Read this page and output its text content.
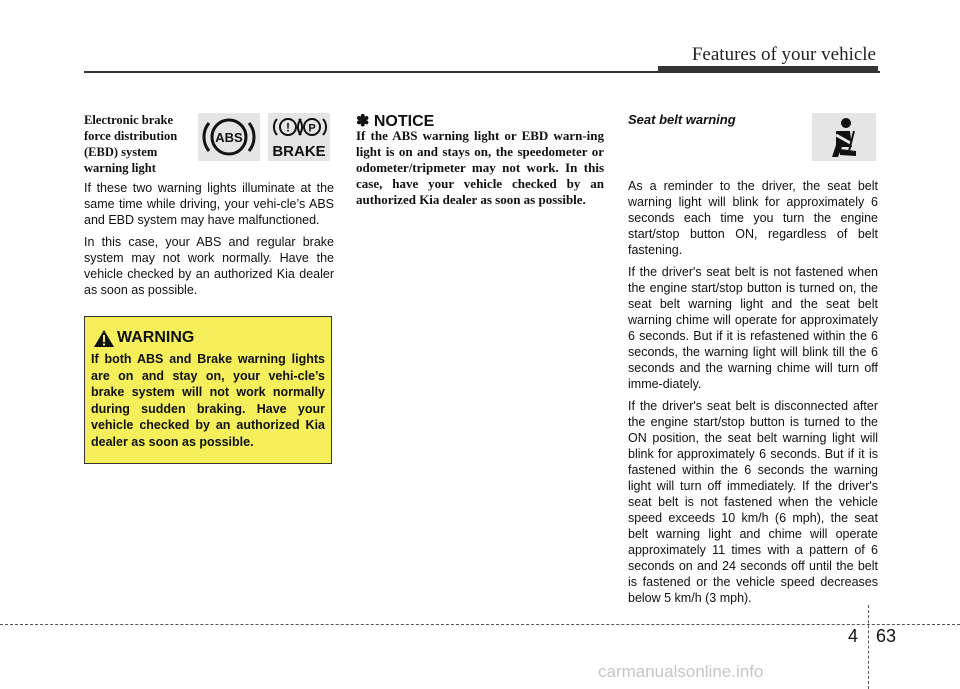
Features of your vehicle
Electronic brake
force distribution
(EBD) system
warning light
ABS
! P
BRAKE

If these two warning lights illuminate at the same time while driving, your vehi-cle’s ABS and EBD system may have malfunctioned.

In this case, your ABS and regular brake system may not work normally. Have the vehicle checked by an authorized Kia dealer as soon as possible.

WARNING
If both ABS and Brake warning lights are on and stay on, your vehi-cle’s brake system will not work normally during sudden braking. Have your vehicle checked by an authorized Kia dealer as soon as possible.
✽ NOTICE
If the ABS warning light or EBD warn-ing light is on and stays on, the speedometer or odometer/tripmeter may not work. In this case, have your vehicle checked by an authorized Kia dealer as soon as possible.
Seat belt warning

As a reminder to the driver, the seat belt warning light will blink for approximately 6 seconds each time you turn the engine start/stop button ON, regardless of belt fastening.

If the driver's seat belt is not fastened when the engine start/stop button is turned on, the seat belt warning light and the seat belt warning chime will operate for approximately 6 seconds. But if it is refastened within the 6 seconds, the warning light will blink till the 6 seconds and the warning chime will turn off imme-diately.

If the driver's seat belt is disconnected after the engine start/stop button is turned to the ON position, the seat belt warning light will blink for approximately 6 seconds. But if it is fastened within the 6 seconds the warning light will turn off immediately. If the driver's seat belt is not fastened when the vehicle speed exceeds 10 km/h (6 mph), the seat belt warning light and chime will operate approximately 11 times with a pattern of 6 seconds on and 24 seconds off until the belt is fastened or the vehicle speed decreases below 5 km/h (3 mph).

4 63
carmanualsonline.info
